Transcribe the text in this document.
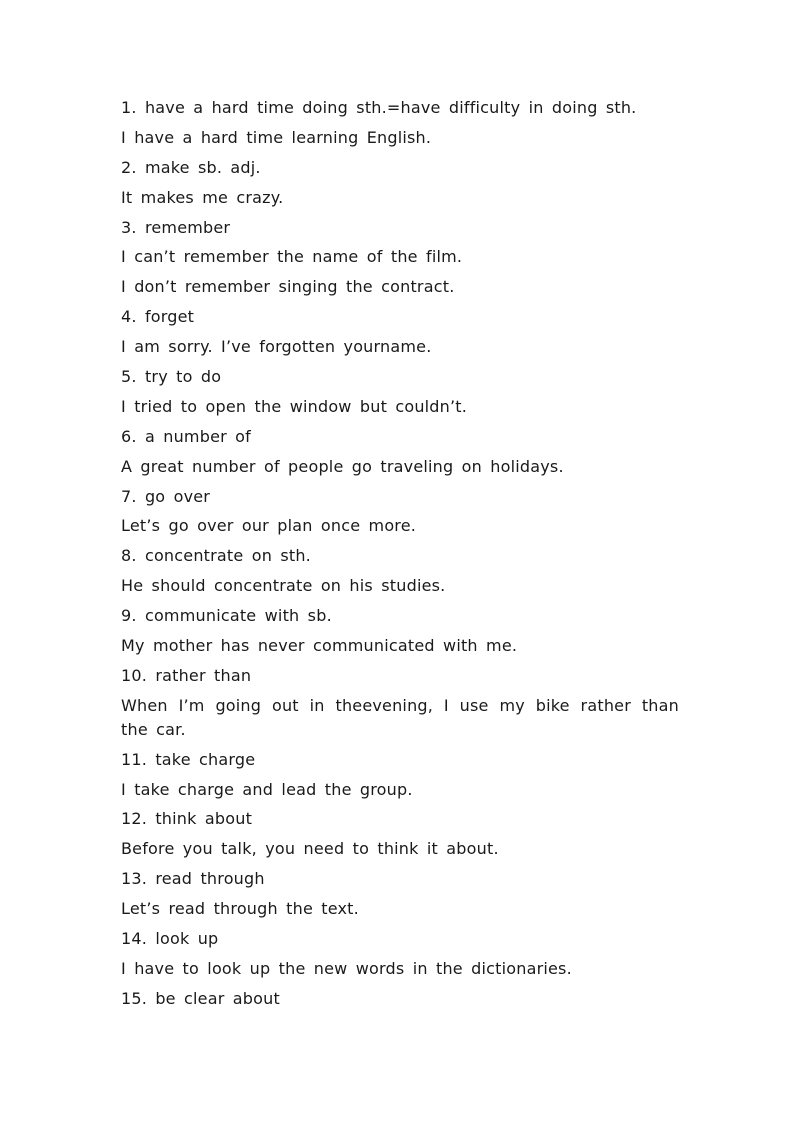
1. have a hard time doing sth.=have difficulty in doing sth.
I have a hard time learning English.
2. make sb. adj.
It makes me crazy.
3. remember
I can’t remember the name of the film.
I don’t remember singing the contract.
4. forget
I am sorry. I’ve forgotten yourname.
5. try to do
I tried to open the window but couldn’t.
6. a number of
A great number of people go traveling on holidays.
7. go over
Let’s go over our plan once more.
8. concentrate on sth.
He should concentrate on his studies.
9. communicate with sb.
My mother has never communicated with me.
10. rather than
When I’m going out in theevening, I use my bike rather than the car.
11. take charge
I take charge and lead the group.
12. think about
Before you talk, you need to think it about.
13. read through
Let’s read through the text.
14. look up
I have to look up the new words in the dictionaries.
15. be clear about
